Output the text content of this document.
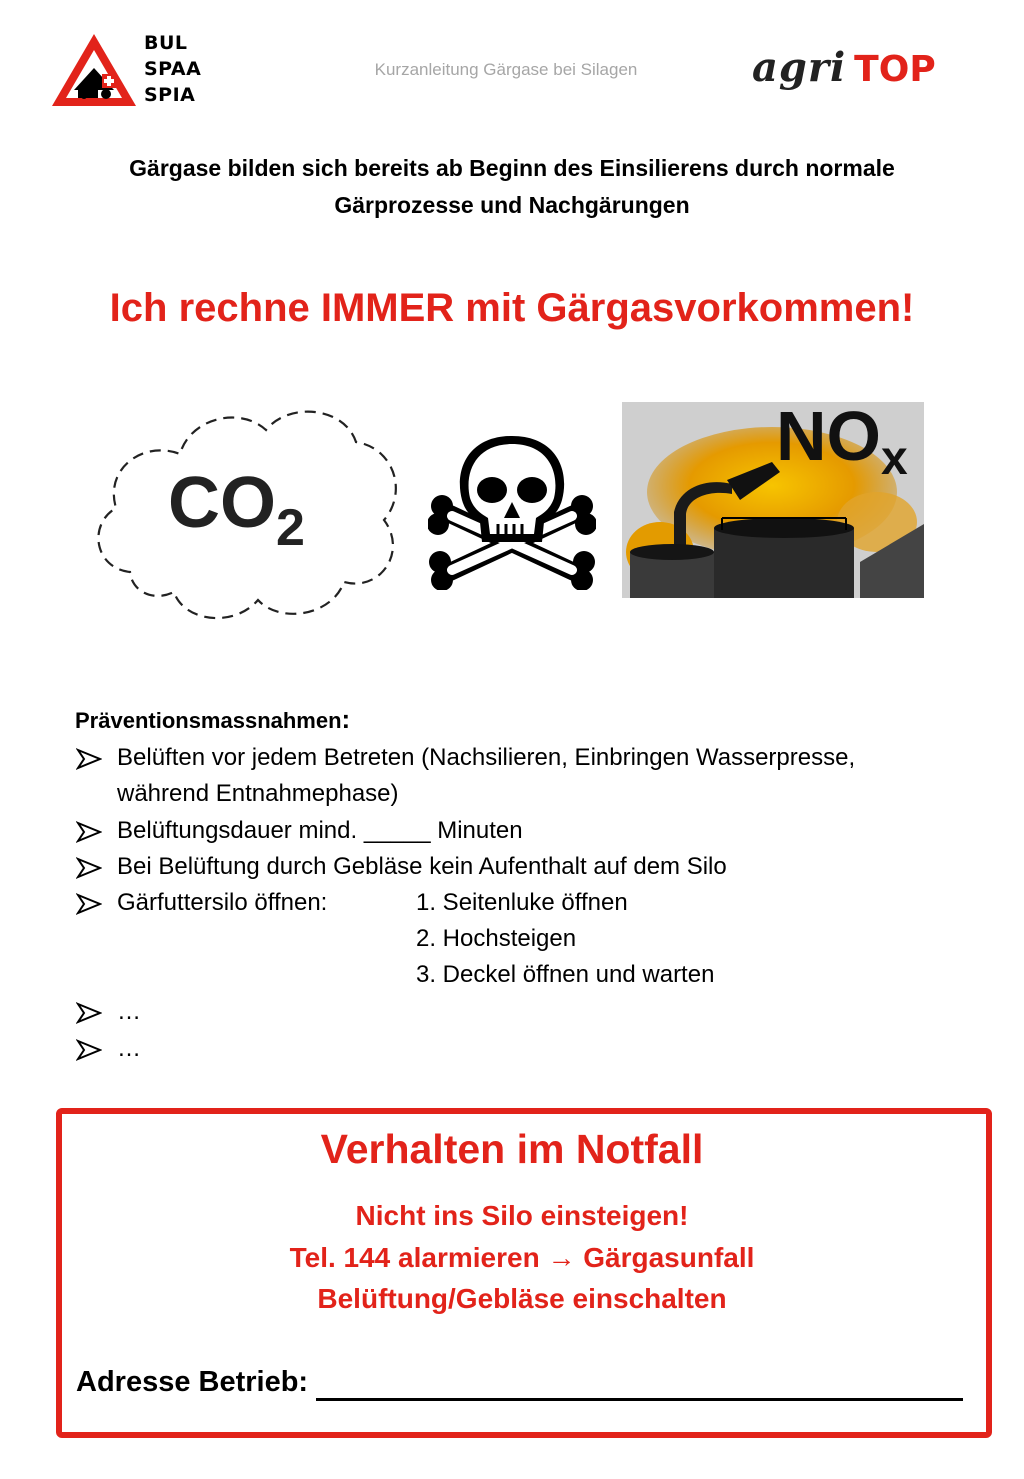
BUL
SPAA
SPIA
Kurzanleitung Gärgase bei Silagen	agri TOP
Gärgase bilden sich bereits ab Beginn des Einsilierens durch normale
Gärprozesse und Nachgärungen
Ich rechne IMMER mit Gärgasvorkommen!
$CO_2$
$NO_x$
Präventionsmassnahmen:
Belüften vor jedem Betreten (Nachsilieren, Einbringen Wasserpresse,
während Entnahmephase)
Belüftungsdauer mind. _____ Minuten
Bei Belüftung durch Gebläse kein Aufenthalt auf dem Silo
Gärfuttersilo öffnen:	1. Seitenluke öffnen
2. Hochsteigen
3. Deckel öffnen und warten
…
…
Verhalten im Notfall
Nicht ins Silo einsteigen!
Tel. 144 alarmieren → Gärgasunfall
Belüftung/Gebläse einschalten
Adresse Betrieb:
